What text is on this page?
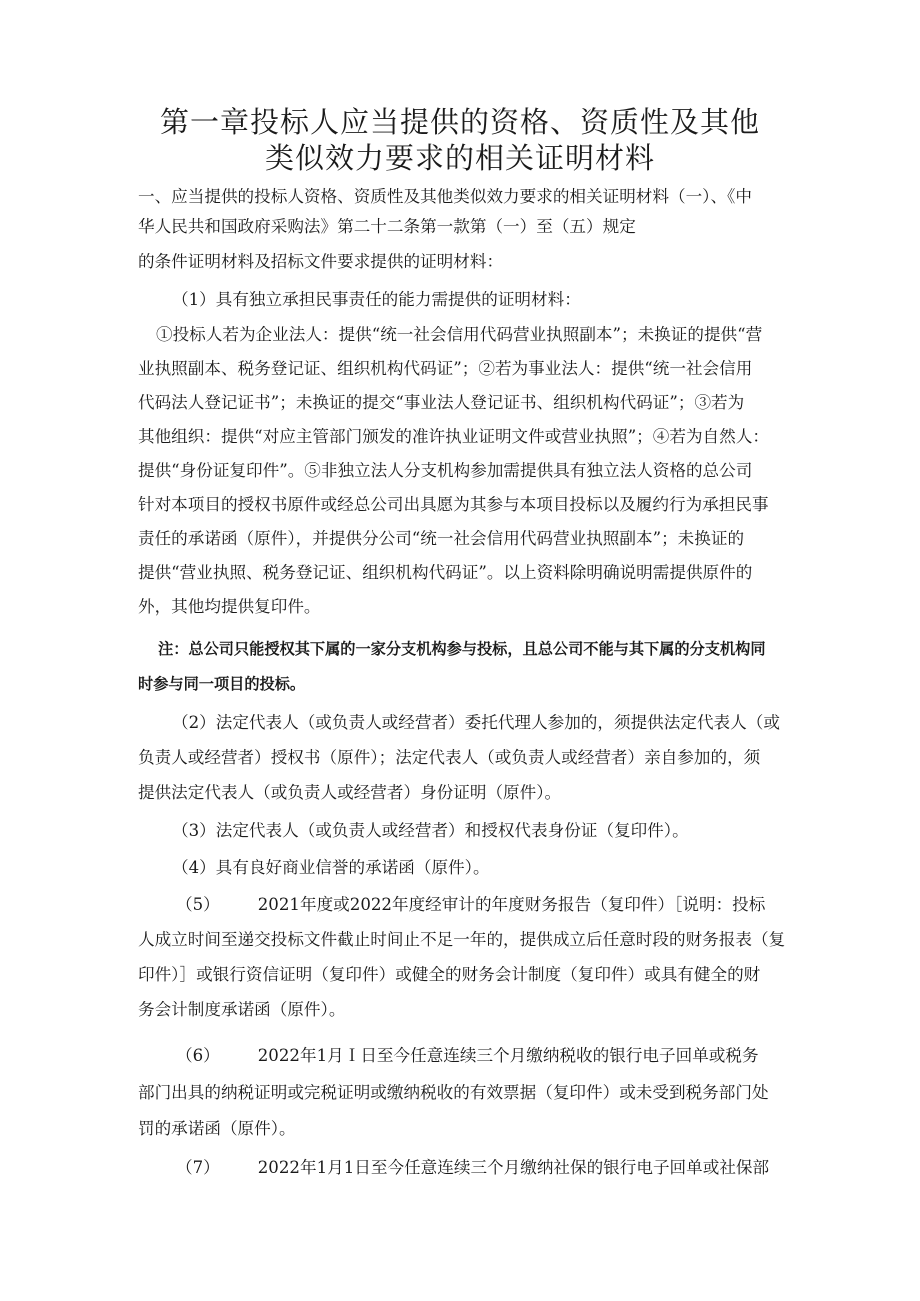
第一章投标人应当提供的资格、资质性及其他
类似效力要求的相关证明材料

一、应当提供的投标人资格、资质性及其他类似效力要求的相关证明材料（一）、《中

华人民共和国政府采购法》第二十二条第一款第（一）至（五）规定

的条件证明材料及招标文件要求提供的证明材料：

（1）具有独立承担民事责任的能力需提供的证明材料：

①投标人若为企业法人：提供“统一社会信用代码营业执照副本”；未换证的提供“营

业执照副本、税务登记证、组织机构代码证”；②若为事业法人：提供“统一社会信用

代码法人登记证书”；未换证的提交“事业法人登记证书、组织机构代码证”；③若为

其他组织：提供“对应主管部门颁发的准许执业证明文件或营业执照”；④若为自然人：

提供“身份证复印件”。⑤非独立法人分支机构参加需提供具有独立法人资格的总公司

针对本项目的授权书原件或经总公司出具愿为其参与本项目投标以及履约行为承担民事

责任的承诺函（原件），并提供分公司“统一社会信用代码营业执照副本”；未换证的

提供“营业执照、税务登记证、组织机构代码证”。以上资料除明确说明需提供原件的

外，其他均提供复印件。

注：总公司只能授权其下属的一家分支机构参与投标，且总公司不能与其下属的分支机构同

时参与同一项目的投标。

（2）法定代表人（或负责人或经营者）委托代理人参加的，须提供法定代表人（或

负责人或经营者）授权书（原件）；法定代表人（或负责人或经营者）亲自参加的，须

提供法定代表人（或负责人或经营者）身份证明（原件）。

（3）法定代表人（或负责人或经营者）和授权代表身份证（复印件）。

（4）具有良好商业信誉的承诺函（原件）。

（5） 2021年度或2022年度经审计的年度财务报告（复印件）［说明：投标

人成立时间至递交投标文件截止时间止不足一年的，提供成立后任意时段的财务报表（复

印件）］或银行资信证明（复印件）或健全的财务会计制度（复印件）或具有健全的财

务会计制度承诺函（原件）。

（6） 2022年1月Ｉ日至今任意连续三个月缴纳税收的银行电子回单或税务

部门出具的纳税证明或完税证明或缴纳税收的有效票据（复印件）或未受到税务部门处

罚的承诺函（原件）。

（7） 2022年1月1日至今任意连续三个月缴纳社保的银行电子回单或社保部
